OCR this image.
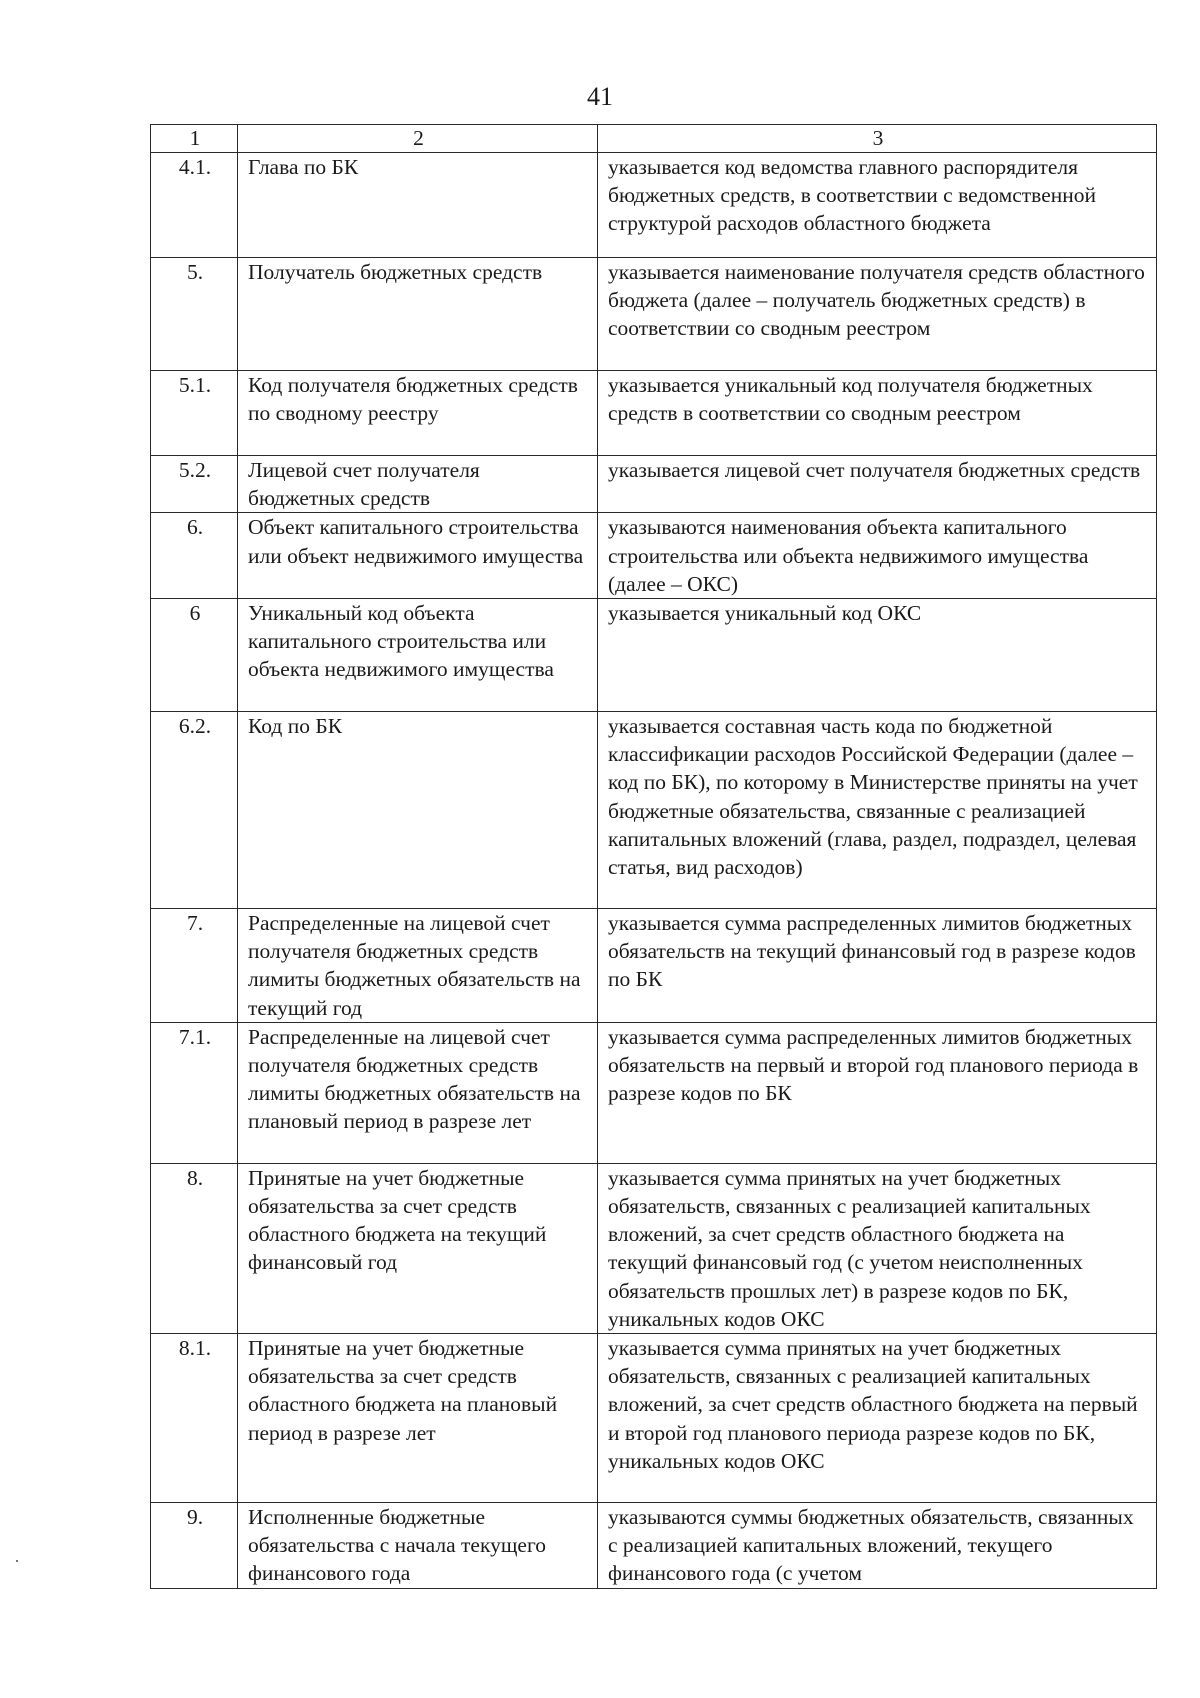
41
1	2	3
4.1.	Глава по БК	указывается код ведомства главного распорядителя бюджетных средств, в соответствии с ведомственной структурой расходов областного бюджета
5.	Получатель бюджетных средств	указывается наименование получателя средств областного бюджета (далее – получатель бюджетных средств) в соответствии со сводным реестром
5.1.	Код получателя бюджетных средств по сводному реестру	указывается уникальный код получателя бюджетных средств в соответствии со сводным реестром
5.2.	Лицевой счет получателя бюджетных средств	указывается лицевой счет получателя бюджетных средств
6.	Объект капитального строительства или объект недвижимого имущества	указываются наименования объекта капитального строительства или объекта недвижимого имущества (далее – ОКС)
6	Уникальный код объекта капитального строительства или объекта недвижимого имущества	указывается уникальный код ОКС
6.2.	Код по БК	указывается составная часть кода по бюджетной классификации расходов Российской Федерации (далее – код по БК), по которому в Министерстве приняты на учет бюджетные обязательства, связанные с реализацией капитальных вложений (глава, раздел, подраздел, целевая статья, вид расходов)
7.	Распределенные на лицевой счет получателя бюджетных средств лимиты бюджетных обязательств на текущий год	указывается сумма распределенных лимитов бюджетных обязательств на текущий финансовый год в разрезе кодов по БК
7.1.	Распределенные на лицевой счет получателя бюджетных средств лимиты бюджетных обязательств на плановый период в разрезе лет	указывается сумма распределенных лимитов бюджетных обязательств на первый и второй год планового периода в разрезе кодов по БК
8.	Принятые на учет бюджетные обязательства за счет средств областного бюджета на текущий финансовый год	указывается сумма принятых на учет бюджетных обязательств, связанных с реализацией капитальных вложений, за счет средств областного бюджета на текущий финансовый год (с учетом неисполненных обязательств прошлых лет) в разрезе кодов по БК, уникальных кодов ОКС
8.1.	Принятые на учет бюджетные обязательства за счет средств областного бюджета на плановый период в разрезе лет	указывается сумма принятых на учет бюджетных обязательств, связанных с реализацией капитальных вложений, за счет средств областного бюджета на первый и второй год планового периода разрезе кодов по БК, уникальных кодов ОКС
9.	Исполненные бюджетные обязательства с начала текущего финансового года	указываются суммы бюджетных обязательств, связанных с реализацией капитальных вложений, текущего финансового года (с учетом
